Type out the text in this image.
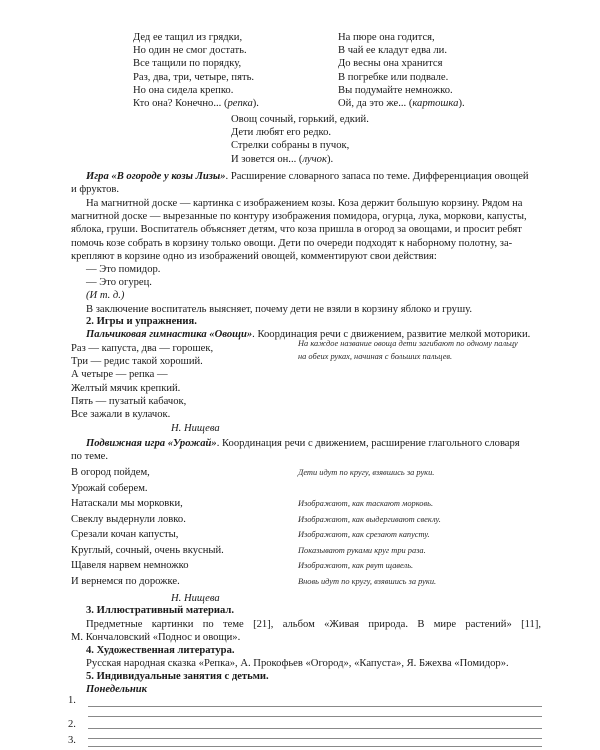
Дед ее тащил из грядки,
Но один не смог достать.
Все тащили по порядку,
Раз, два, три, четыре, пять.
Но она сидела крепко.
Кто она? Конечно... (репка).
На пюре она годится,
В чай ее кладут едва ли.
До весны она хранится
В погребке или подвале.
Вы подумайте немножко.
Ой, да это же... (картошка).
Овощ сочный, горький, едкий.
Дети любят его редко.
Стрелки собраны в пучок,
И зовется он... (лучок).
Игра «В огороде у козы Лизы». Расширение словарного запаса по теме. Дифференциация овощей
и фруктов.
На магнитной доске — картинка с изображением козы. Коза держит большую корзину. Рядом на
магнитной доске — вырезанные по контуру изображения помидора, огурца, лука, моркови, капусты,
яблока, груши. Воспитатель объясняет детям, что коза пришла в огород за овощами, и просит ребят
помочь козе собрать в корзину только овощи. Дети по очереди подходят к наборному полотну, за-
крепляют в корзине одно из изображений овощей, комментируют свои действия:
— Это помидор.
— Это огурец.
(И т. д.)
В заключение воспитатель выясняет, почему дети не взяли в корзину яблоко и грушу.
2. Игры и упражнения.
Пальчиковая гимнастика «Овощи». Координация речи с движением, развитие мелкой моторики.
Раз — капуста, два — горошек,
Три — редис такой хороший.
А четыре — репка —
Желтый мячик крепкий.
Пять — пузатый кабачок,
Все зажали в кулачок.
На каждое название овоща дети загибают по одному пальцу
на обеих руках, начиная с больших пальцев.
Н. Нищева
Подвижная игра «Урожай». Координация речи с движением, расширение глагольного словаря
по теме.
В огород пойдем,
Урожай соберем.
Натаскали мы морковки,
Свеклу выдернули ловко.
Срезали кочан капусты,
Круглый, сочный, очень вкусный.
Щавеля нарвем немножко
И вернемся по дорожке.
Дети идут по кругу, взявшись за руки.
Изображают, как таскают морковь.
Изображают, как выдергивают свеклу.
Изображают, как срезают капусту.
Показывают руками круг три раза.
Изображают, как рвут щавель.
Вновь идут по кругу, взявшись за руки.
Н. Нищева
3. Иллюстративный материал.
Предметные картинки по теме [21], альбом «Живая природа. В мире растений» [11],
М. Кончаловский «Поднос и овощи».
4. Художественная литература.
Русская народная сказка «Репка», А. Прокофьев «Огород», «Капуста», Я. Бжехва «Помидор».
5. Индивидуальные занятия с детьми.
Понедельник
1.
2.
3.
